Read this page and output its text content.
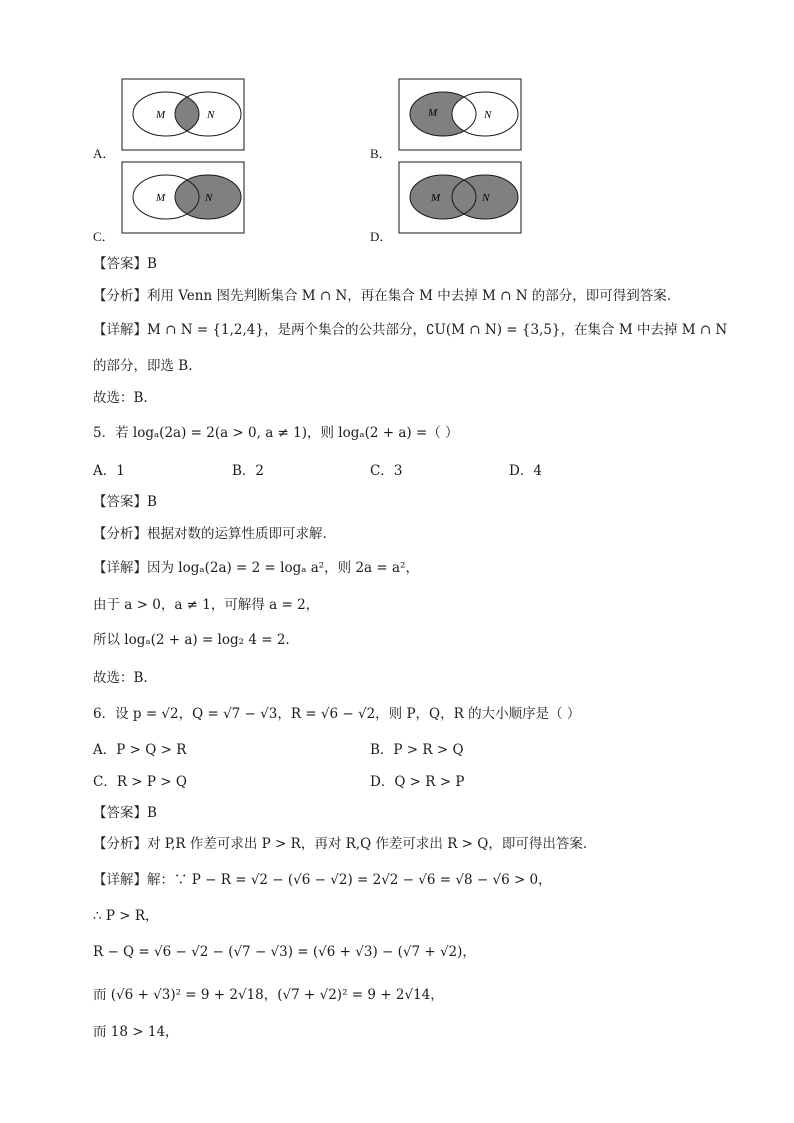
A．
M	N
B．
M	N
C．
M	N
D．
M	N
【答案】B
【分析】利用 Venn 图先判断集合 M ∩ N，再在集合 M 中去掉 M ∩ N 的部分，即可得到答案.
【详解】M ∩ N = {1,2,4}，是两个集合的公共部分，∁U(M ∩ N) = {3,5}，在集合 M 中去掉 M ∩ N
的部分，即选 B.
故选：B.
5．若 logₐ(2a) = 2(a > 0, a ≠ 1)，则 logₐ(2 + a) =（ ）
A．1	B．2	C．3	D．4
【答案】B
【分析】根据对数的运算性质即可求解.
【详解】因为 logₐ(2a) = 2 = logₐ a²，则 2a = a²，
由于 a > 0，a ≠ 1，可解得 a = 2，
所以 logₐ(2 + a) = log₂ 4 = 2.
故选：B.
6．设 p = √2，Q = √7 − √3，R = √6 − √2，则 P，Q，R 的大小顺序是（ ）
A．P > Q > R	B．P > R > Q
C．R > P > Q	D．Q > R > P
【答案】B
【分析】对 P,R 作差可求出 P > R，再对 R,Q 作差可求出 R > Q，即可得出答案.
【详解】解：∵ P − R = √2 − (√6 − √2) = 2√2 − √6 = √8 − √6 > 0，
∴ P > R，
R − Q = √6 − √2 − (√7 − √3) = (√6 + √3) − (√7 + √2)，
而 (√6 + √3)² = 9 + 2√18，(√7 + √2)² = 9 + 2√14，
而 18 > 14，
